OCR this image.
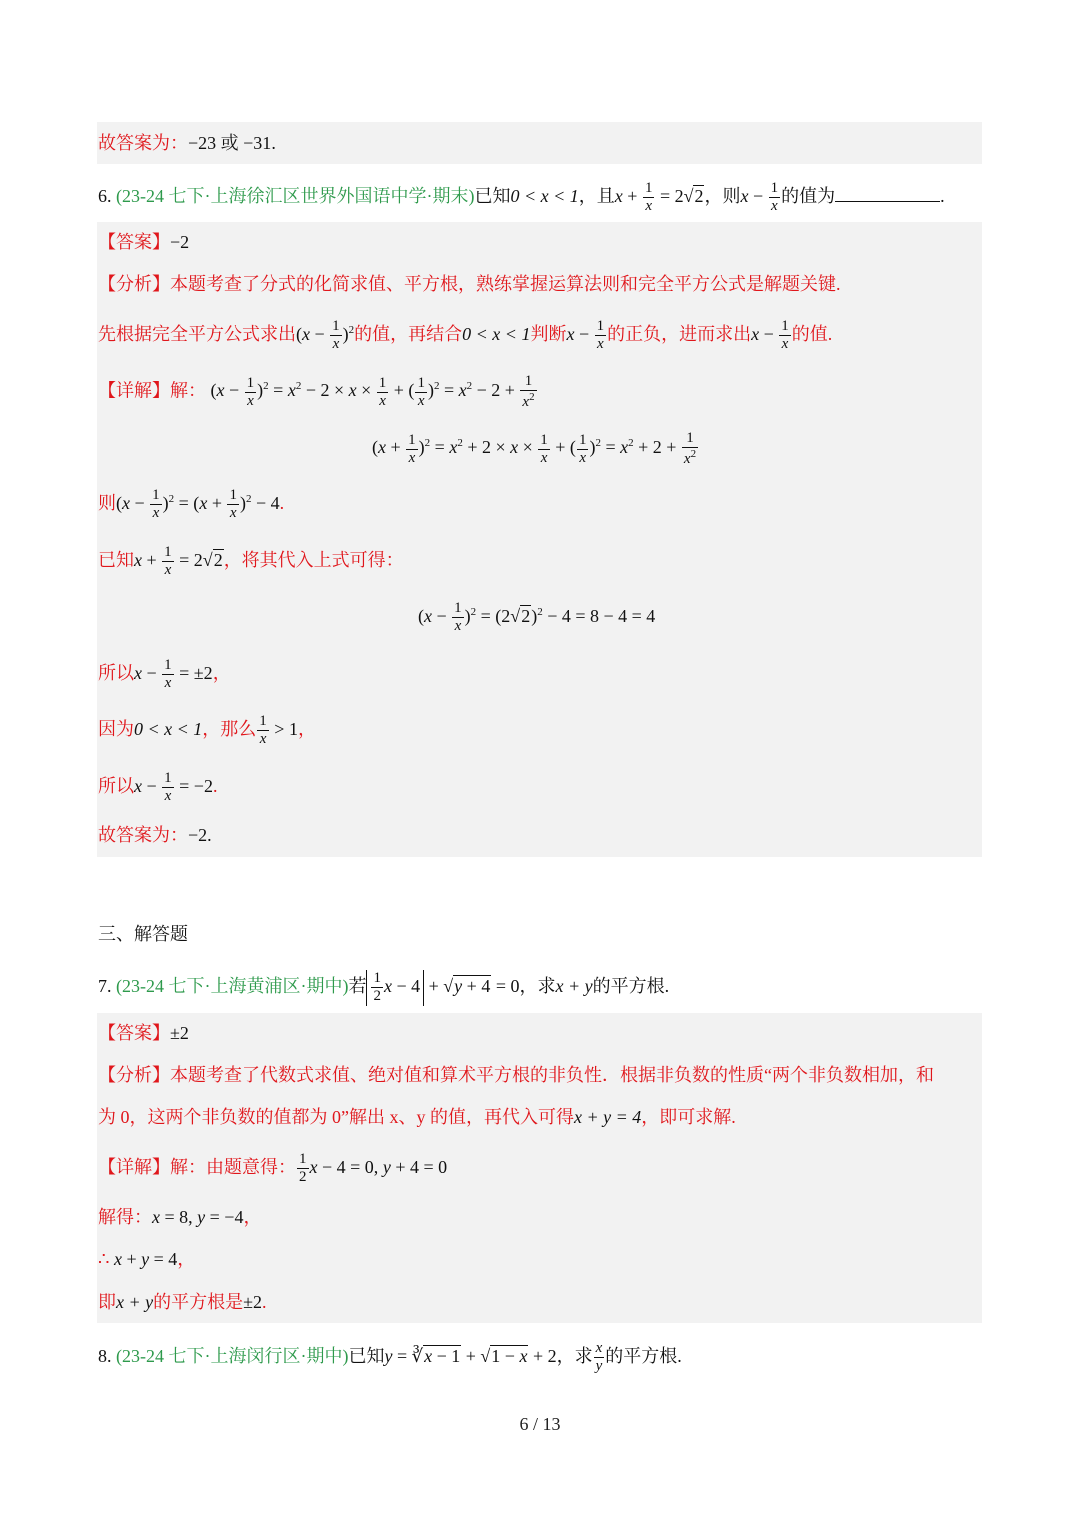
故答案为：−23 或 −31.
6. (23-24 七下·上海徐汇区世界外国语中学·期末)已知0 < x < 1，且$x + \frac{1}{x} = 2√2$，则$x - \frac{1}{x}$ 的值为	.
【答案】−2
【分析】本题考查了分式的化简求值、平方根，熟练掌握运算法则和完全平方公式是解题关键.
先根据完全平方公式求出$(x - \frac{1}{x} )^2$的值，再结合0 < x < 1判断$x - \frac{1}{x}$ 的正负，进而求出$x - \frac{1}{x}$ 的值.
【详解】解： $(x - \frac{1}{x} )^2 = x^2 - 2 \times x \times \frac{1}{x}$ + ( $\frac{1}{x} )^2 = x^2 - 2 + \frac{1}{x^2}$
$(x + \frac{1}{x} )^2 = x^2 + 2 \times x \times \frac{1}{x}$ + ( $\frac{1}{x} )^2 = x^2 + 2 + \frac{1}{x^2}$
则$(x - \frac{1}{x} )^2 = (x + \frac{1}{x} )^2 - 4$.
已知$x + \frac{1}{x} = 2√2$，将其代入上式可得：
$(x - \frac{1}{x} )^2 = (2√2)^2 - 4 = 8 - 4 = 4$
所以$x - \frac{1}{x} = \pm 2$，
因为0 < x < 1，那么 $\frac{1}{x} > 1$，
所以$x - \frac{1}{x} = -2$.
故答案为：−2.
三、解答题
7. (23-24 七下·上海黄浦区·期中)若 $\frac{1}{2}$ x − 4 + √y + 4 = 0，求x + y的平方根.
【答案】±2
【分析】本题考查了代数式求值、绝对值和算术平方根的非负性．根据非负数的性质“两个非负数相加，和
为 0，这两个非负数的值都为 0”解出 x、y 的值，再代入可得x + y = 4，即可求解.
【详解】解：由题意得： $\frac{1}{2}$ x − 4 = 0, y + 4 = 0
解得：x = 8, y = −4，
∴ x + y = 4，
即x + y的平方根是±2.
8. (23-24 七下·上海闵行区·期中)已知y = ∛x − 1 + √1 − x + 2，求 $\frac{x}{y}$ 的平方根.
6 / 13
